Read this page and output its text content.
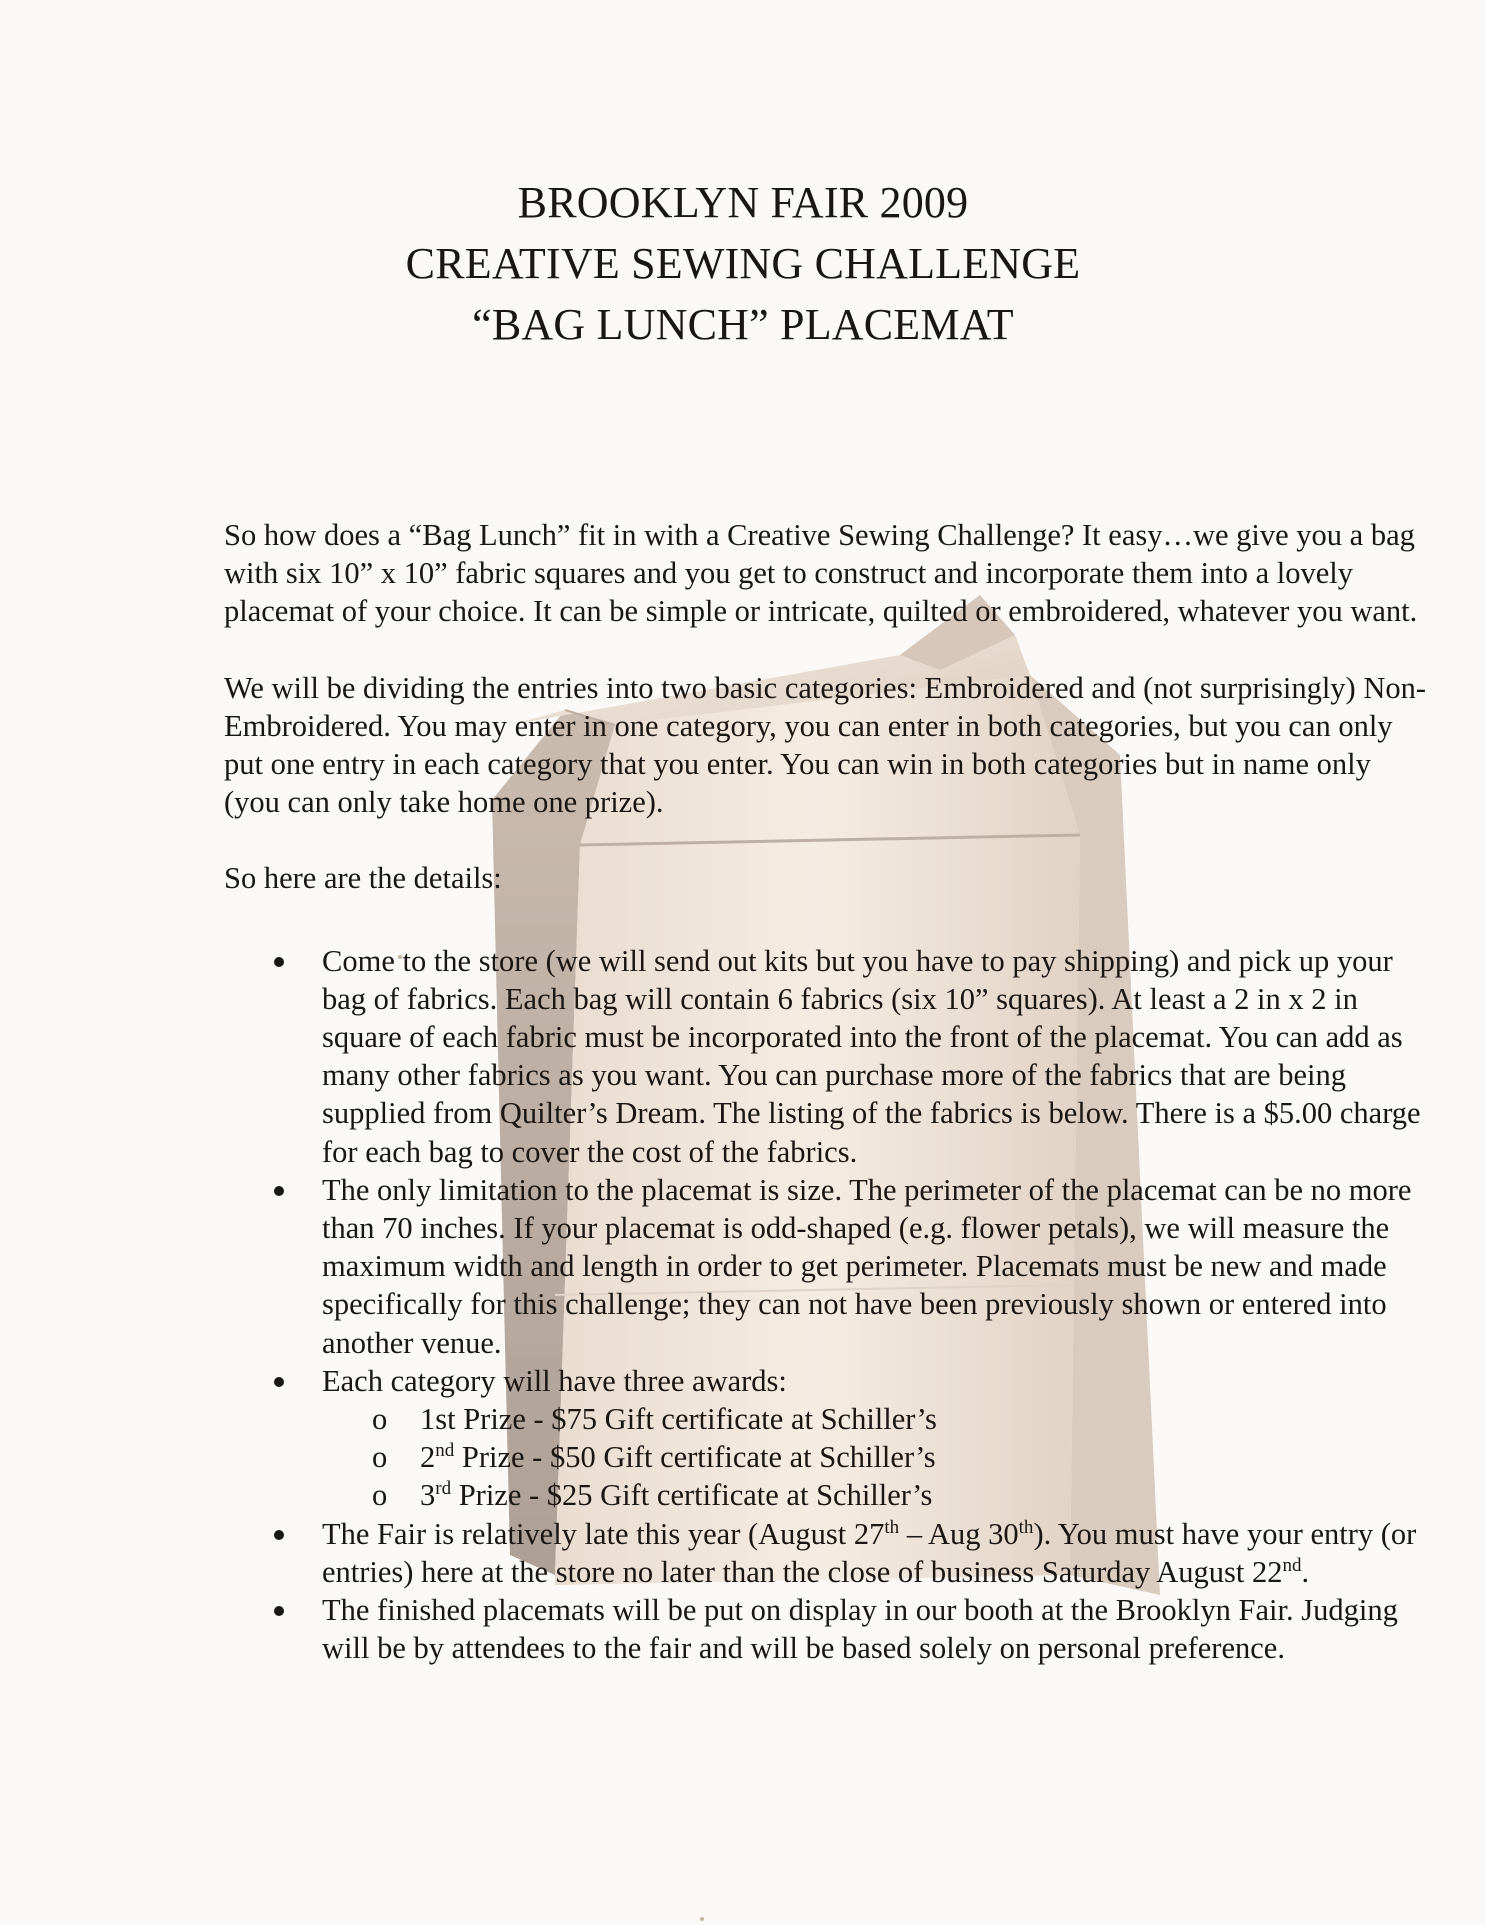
BROOKLYN FAIR 2009
CREATIVE SEWING CHALLENGE
“BAG LUNCH” PLACEMAT

So how does a “Bag Lunch” fit in with a Creative Sewing Challenge? It easy…we give you a bag with six 10” x 10” fabric squares and you get to construct and incorporate them into a lovely placemat of your choice. It can be simple or intricate, quilted or embroidered, whatever you want.

We will be dividing the entries into two basic categories: Embroidered and (not surprisingly) Non-Embroidered. You may enter in one category, you can enter in both categories, but you can only put one entry in each category that you enter. You can win in both categories but in name only (you can only take home one prize).

So here are the details:

Come to the store (we will send out kits but you have to pay shipping) and pick up your bag of fabrics. Each bag will contain 6 fabrics (six 10” squares). At least a 2 in x 2 in square of each fabric must be incorporated into the front of the placemat. You can add as many other fabrics as you want. You can purchase more of the fabrics that are being supplied from Quilter’s Dream. The listing of the fabrics is below. There is a $5.00 charge for each bag to cover the cost of the fabrics.
The only limitation to the placemat is size. The perimeter of the placemat can be no more than 70 inches. If your placemat is odd-shaped (e.g. flower petals), we will measure the maximum width and length in order to get perimeter. Placemats must be new and made specifically for this challenge; they can not have been previously shown or entered into another venue.
Each category will have three awards:
o 1st Prize - $75 Gift certificate at Schiller’s
o 2nd Prize - $50 Gift certificate at Schiller’s
o 3rd Prize - $25 Gift certificate at Schiller’s
The Fair is relatively late this year (August 27th – Aug 30th). You must have your entry (or entries) here at the store no later than the close of business Saturday August 22nd.
The finished placemats will be put on display in our booth at the Brooklyn Fair. Judging will be by attendees to the fair and will be based solely on personal preference.
